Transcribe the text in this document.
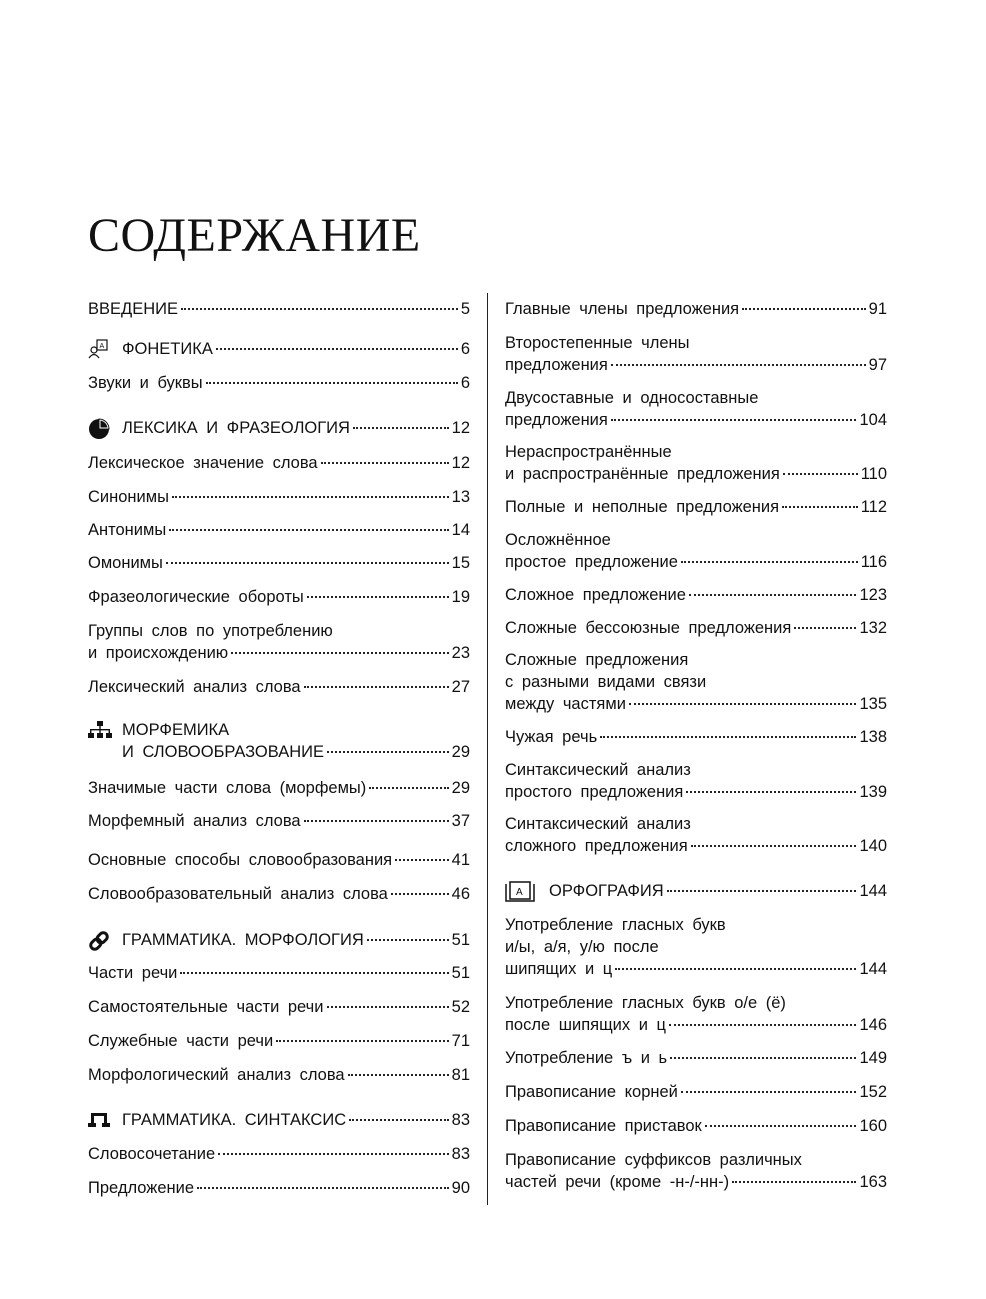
СОДЕРЖАНИЕ
ВВЕДЕНИЕ	5
A ФОНЕТИКА	6
Звуки и буквы	6
ЛЕКСИКА И ФРАЗЕОЛОГИЯ	12
Лексическое значение слова	12
Синонимы	13
Антонимы	14
Омонимы	15
Фразеологические обороты	19
Группы слов по употреблению
и происхождению	23
Лексический анализ слова	27
МОРФЕМИКА
И СЛОВООБРАЗОВАНИЕ	29
Значимые части слова (морфемы)	29
Морфемный анализ слова	37
Основные способы словообразования	41
Словообразовательный анализ слова	46
ГРАММАТИКА. МОРФОЛОГИЯ	51
Части речи	51
Самостоятельные части речи	52
Служебные части речи	71
Морфологический анализ слова	81
ГРАММАТИКА. СИНТАКСИС	83
Словосочетание	83
Предложение	90
Главные члены предложения	91
Второстепенные члены
предложения	97
Двусоставные и односоставные
предложения	104
Нераспространённые
и распространённые предложения	110
Полные и неполные предложения	112
Осложнённое
простое предложение	116
Сложное предложение	123
Сложные бессоюзные предложения	132
Сложные предложения
с разными видами связи
между частями	135
Чужая речь	138
Синтаксический анализ
простого предложения	139
Синтаксический анализ
сложного предложения	140
A ОРФОГРАФИЯ	144
Употребление гласных букв
и/ы, а/я, у/ю после
шипящих и ц	144
Употребление гласных букв о/е (ё)
после шипящих и ц	146
Употребление ъ и ь	149
Правописание корней	152
Правописание приставок	160
Правописание суффиксов различных
частей речи (кроме -н-/-нн-)	163
